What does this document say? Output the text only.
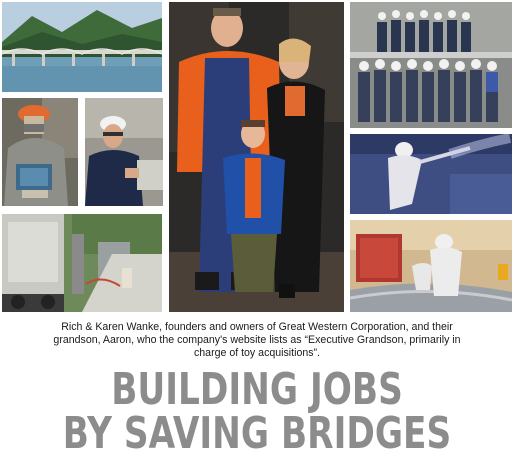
Rich & Karen Wanke, founders and owners of Great Western Corporation, and their
grandson, Aaron, who the company's website lists as “Executive Grandson, primarily in
charge of toy acquisitions”.
BUILDING JOBS
BY SAVING BRIDGES
